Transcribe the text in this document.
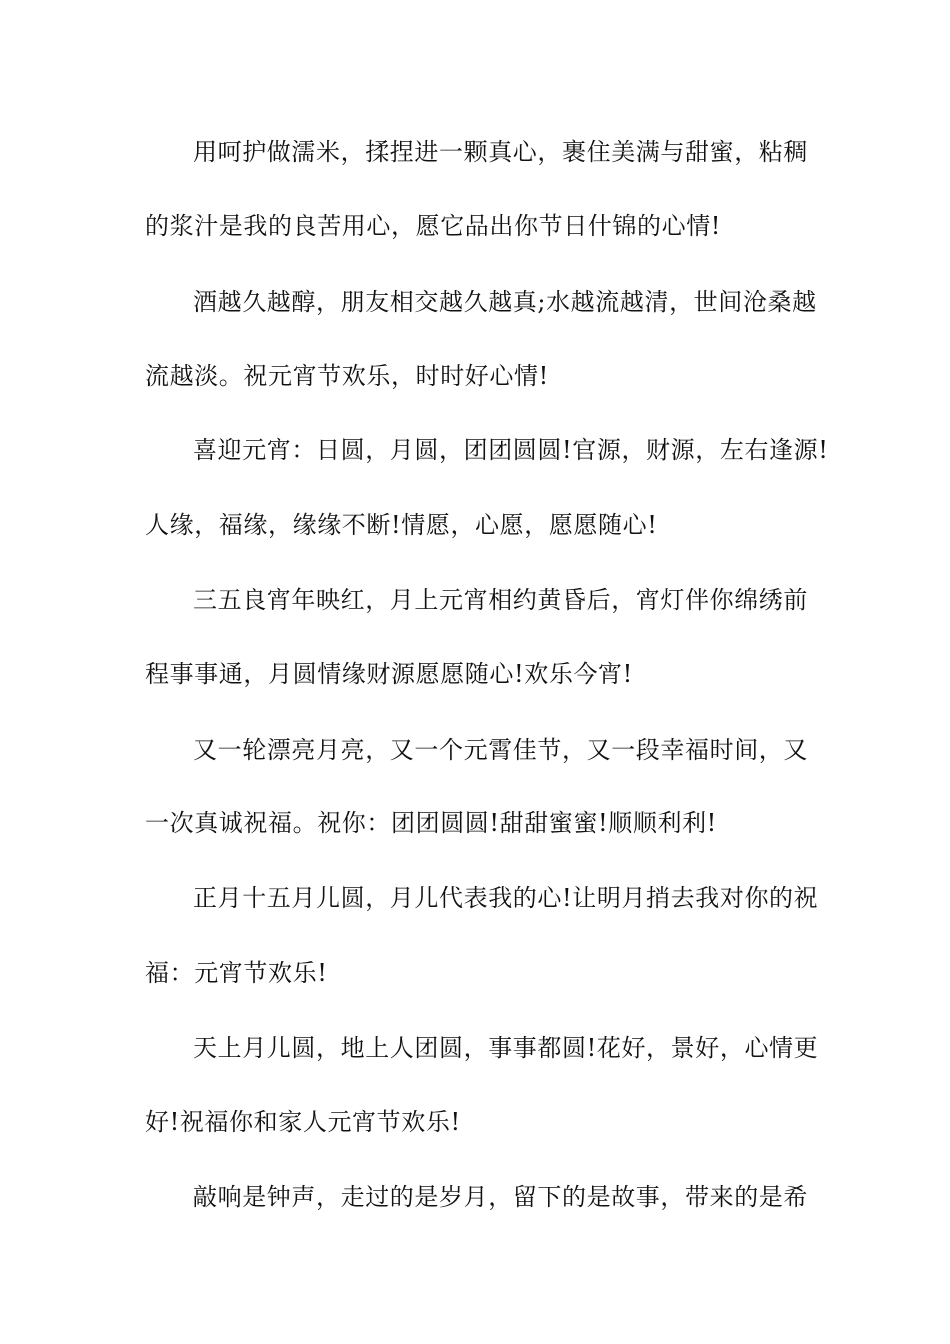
用呵护做濡米，揉捏进一颗真心，裹住美满与甜蜜，粘稠
的浆汁是我的良苦用心，愿它品出你节日什锦的心情!
酒越久越醇，朋友相交越久越真;水越流越清，世间沧桑越
流越淡。祝元宵节欢乐，时时好心情!
喜迎元宵：日圆，月圆，团团圆圆!官源，财源，左右逢源!
人缘，福缘，缘缘不断!情愿，心愿，愿愿随心!
三五良宵年映红，月上元宵相约黄昏后，宵灯伴你绵绣前
程事事通，月圆情缘财源愿愿随心!欢乐今宵!
又一轮漂亮月亮，又一个元霄佳节，又一段幸福时间，又
一次真诚祝福。祝你：团团圆圆!甜甜蜜蜜!顺顺利利!
正月十五月儿圆，月儿代表我的心!让明月捎去我对你的祝
福：元宵节欢乐!
天上月儿圆，地上人团圆，事事都圆!花好，景好，心情更
好!祝福你和家人元宵节欢乐!
敲响是钟声，走过的是岁月，留下的是故事，带来的是希
